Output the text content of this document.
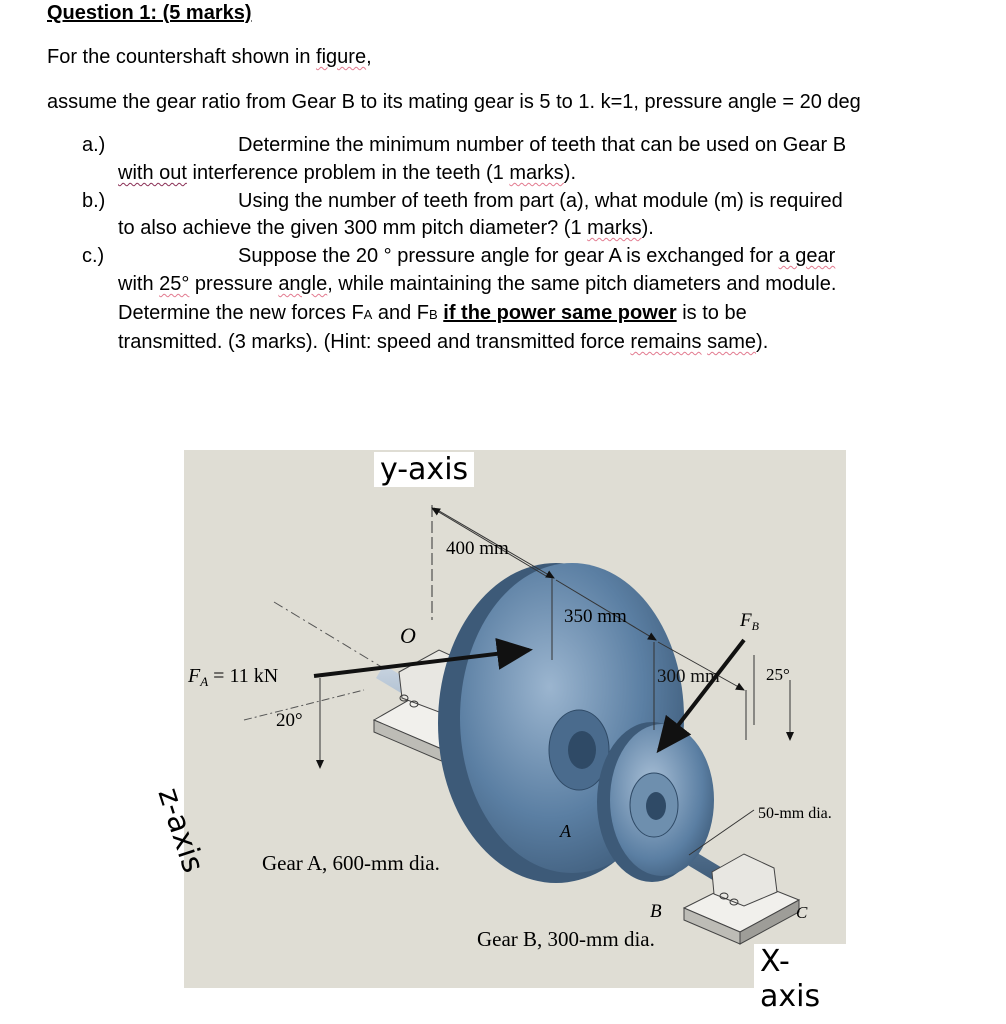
Question 1: (5 marks)
For the countershaft shown in figure,
assume the gear ratio from Gear B to its mating gear is 5 to 1. k=1, pressure angle = 20 deg
a.)	Determine the minimum number of teeth that can be used on Gear B
with out interference problem in the teeth (1 marks).
b.)	Using the number of teeth from part (a), what module (m) is required
to also achieve the given 300 mm pitch diameter? (1 marks).
c.)	Suppose the 20 ° pressure angle for gear A is exchanged for a gear
with 25° pressure angle, while maintaining the same pitch diameters and module.
Determine the new forces FA and FB if the power same power is to be
transmitted. (3 marks). (Hint: speed and transmitted force remains same).
400 mm
350 mm
300 mm
O
$F_A = 11$ kN
20°
$F_B$
25°
50-mm dia.
Gear A, 600-mm dia.
A
B
Gear B, 300-mm dia.
C
y-axis
X-axis
z-axis
